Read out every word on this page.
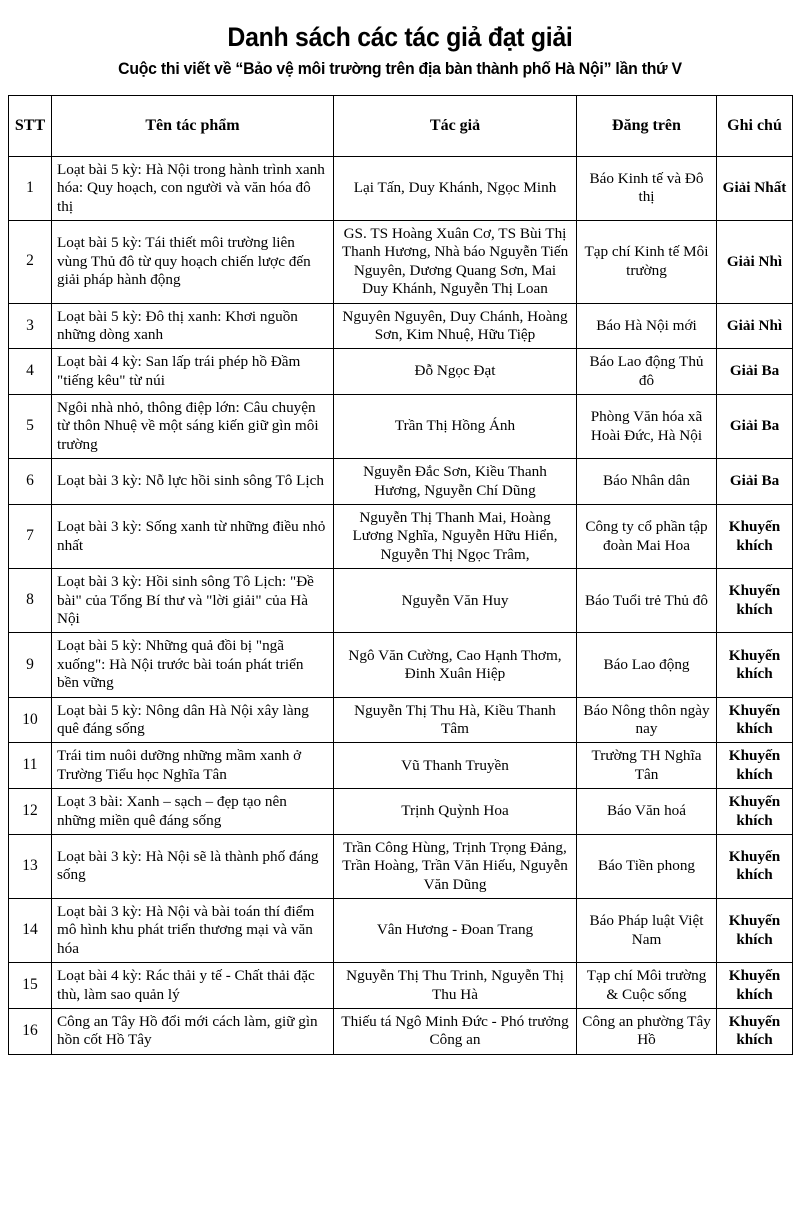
Danh sách các tác giả đạt giải
Cuộc thi viết về “Bảo vệ môi trường trên địa bàn thành phố Hà Nội” lần thứ V
STT	Tên tác phẩm	Tác giả	Đăng trên	Ghi chú
1	Loạt bài 5 kỳ: Hà Nội trong hành trình xanh hóa: Quy hoạch, con người và văn hóa đô thị	Lại Tấn, Duy Khánh, Ngọc Minh	Báo Kinh tế và Đô thị	Giải Nhất
2	Loạt bài 5 kỳ: Tái thiết môi trường liên vùng Thủ đô từ quy hoạch chiến lược đến giải pháp hành động	GS. TS Hoàng Xuân Cơ, TS Bùi Thị Thanh Hương, Nhà báo Nguyễn Tiến Nguyên, Dương Quang Sơn, Mai Duy Khánh, Nguyễn Thị Loan	Tạp chí Kinh tế Môi trường	Giải Nhì
3	Loạt bài 5 kỳ: Đô thị xanh: Khơi nguồn những dòng xanh	Nguyên Nguyên, Duy Chánh, Hoàng Sơn, Kim Nhuệ, Hữu Tiệp	Báo Hà Nội mới	Giải Nhì
4	Loạt bài 4 kỳ: San lấp trái phép hồ Đầm "tiếng kêu" từ núi	Đỗ Ngọc Đạt	Báo Lao động Thủ đô	Giải Ba
5	Ngôi nhà nhỏ, thông điệp lớn: Câu chuyện từ thôn Nhuệ về một sáng kiến giữ gìn môi trường	Trần Thị Hồng Ánh	Phòng Văn hóa xã Hoài Đức, Hà Nội	Giải Ba
6	Loạt bài 3 kỳ: Nỗ lực hồi sinh sông Tô Lịch	Nguyễn Đắc Sơn, Kiều Thanh Hương, Nguyễn Chí Dũng	Báo Nhân dân	Giải Ba
7	Loạt bài 3 kỳ: Sống xanh từ những điều nhỏ nhất	Nguyễn Thị Thanh Mai, Hoàng Lương Nghĩa, Nguyễn Hữu Hiển, Nguyễn Thị Ngọc Trâm,	Công ty cổ phần tập đoàn Mai Hoa	Khuyến khích
8	Loạt bài 3 kỳ: Hồi sinh sông Tô Lịch: "Đề bài" của Tổng Bí thư và "lời giải" của Hà Nội	Nguyễn Văn Huy	Báo Tuổi trẻ Thủ đô	Khuyến khích
9	Loạt bài 5 kỳ: Những quả đồi bị "ngã xuống": Hà Nội trước bài toán phát triển bền vững	Ngô Văn Cường, Cao Hạnh Thơm, Đinh Xuân Hiệp	Báo Lao động	Khuyến khích
10	Loạt bài 5 kỳ: Nông dân Hà Nội xây làng quê đáng sống	Nguyễn Thị Thu Hà, Kiều Thanh Tâm	Báo Nông thôn ngày nay	Khuyến khích
11	Trái tim nuôi dưỡng những mầm xanh ở Trường Tiểu học Nghĩa Tân	Vũ Thanh Truyền	Trường TH Nghĩa Tân	Khuyến khích
12	Loạt 3 bài: Xanh – sạch – đẹp tạo nên những miền quê đáng sống	Trịnh Quỳnh Hoa	Báo Văn hoá	Khuyến khích
13	Loạt bài 3 kỳ: Hà Nội sẽ là thành phố đáng sống	Trần Công Hùng, Trịnh Trọng Đảng, Trần Hoàng, Trần Văn Hiếu, Nguyễn Văn Dũng	Báo Tiền phong	Khuyến khích
14	Loạt bài 3 kỳ: Hà Nội và bài toán thí điểm mô hình khu phát triển thương mại và văn hóa	Vân Hương - Đoan Trang	Báo Pháp luật Việt Nam	Khuyến khích
15	Loạt bài 4 kỳ: Rác thải y tế - Chất thải đặc thù, làm sao quản lý	Nguyễn Thị Thu Trinh, Nguyễn Thị Thu Hà	Tạp chí Môi trường & Cuộc sống	Khuyến khích
16	Công an Tây Hồ đổi mới cách làm, giữ gìn hồn cốt Hồ Tây	Thiếu tá Ngô Minh Đức - Phó trưởng Công an	Công an phường Tây Hồ	Khuyến khích
